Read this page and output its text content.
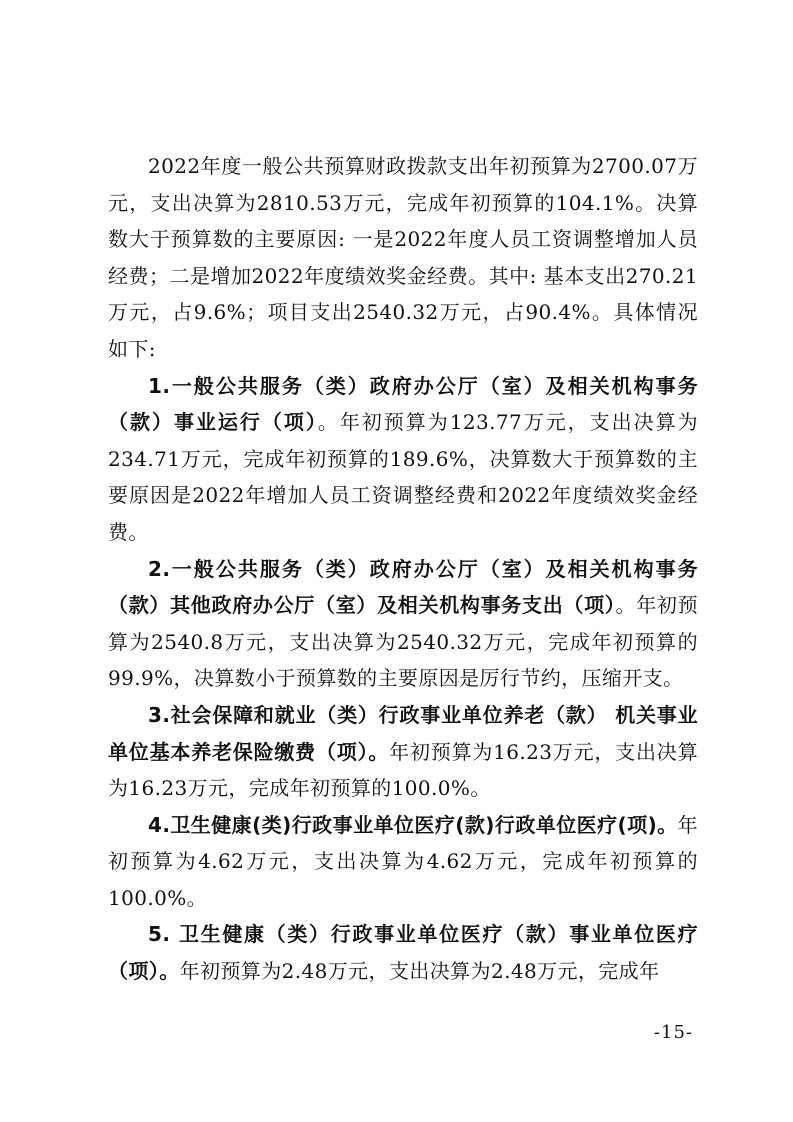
2022年度一般公共预算财政拨款支出年初预算为2700.07万元，支出决算为2810.53万元，完成年初预算的104.1%。决算数大于预算数的主要原因: 一是2022年度人员工资调整增加人员经费；二是增加2022年度绩效奖金经费。其中: 基本支出270.21万元，占9.6%；项目支出2540.32万元，占90.4%。具体情况如下:

1.一般公共服务（类）政府办公厅（室）及相关机构事务（款）事业运行（项）。年初预算为123.77万元，支出决算为234.71万元，完成年初预算的189.6%，决算数大于预算数的主要原因是2022年增加人员工资调整经费和2022年度绩效奖金经费。

2.一般公共服务（类）政府办公厅（室）及相关机构事务（款）其他政府办公厅（室）及相关机构事务支出（项）。年初预算为2540.8万元，支出决算为2540.32万元，完成年初预算的99.9%，决算数小于预算数的主要原因是厉行节约，压缩开支。

3.社会保障和就业（类）行政事业单位养老（款） 机关事业单位基本养老保险缴费（项）。年初预算为16.23万元，支出决算为16.23万元，完成年初预算的100.0%。

4.卫生健康(类)行政事业单位医疗(款)行政单位医疗(项)。年初预算为4.62万元，支出决算为4.62万元，完成年初预算的100.0%。

5. 卫生健康（类）行政事业单位医疗（款）事业单位医疗（项）。年初预算为2.48万元，支出决算为2.48万元，完成年

-15-
